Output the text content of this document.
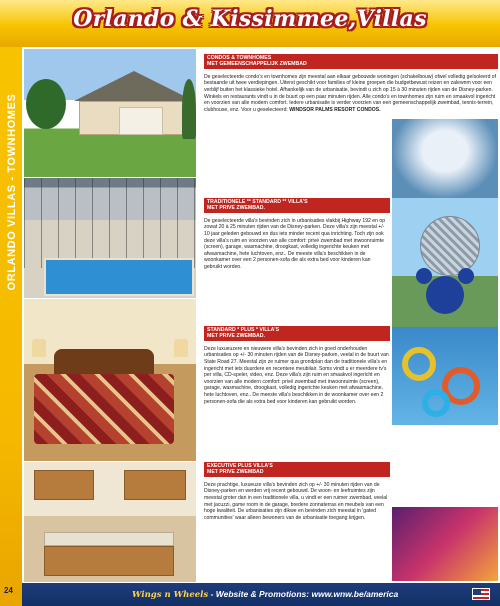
Orlando & Kissimmee,Villas
ORLANDO VILLAS - TOWNHOMES
24
CONDOS & TOWNHOMES
MET GEMEENSCHAPPELIJK ZWEMBAD
De geselecteerde condo's en townhomes zijn meestal aan elkaar gebouwde woningen (schakelbouw) ofwel volledig geïsoleerd of bestaande uit twee verdiepingen. Uiterst geschikt voor families of kleine groepen die budgetbewust reizen en zalewnm voor een verblijf buiten het klassieke hotel. Afhankelijk van de urbanisatie, bevindt u zich op 15 à 30 minuten rijden van de Disney-parken. Winkels en restaurants vindt u in de buurt op een paar minuten rijden. Alle condo's en townhomes zijn ruim en smaakvol ingericht en voorzien van alle modern comfort. Iedere urbanisatie is verder voorzien van een gemeenschappelijk zwembad, tennis-terrein, clubhouse, enz. Voor u geselecteerd: WINDSOR PALMS RESORT CONDOS.
TRADITIONELE ** STANDARD ** VILLA'S
MET PRIVE ZWEMBAD.
De geselecteerde villa's bevinden zich in urbanisaties vlakbij Highway 192 en op zowat 20 à 25 minuten rijden van de Disney-parken. Deze villa's zijn meestal +/- 10 jaar geleden gebouwd en dus iets minder recent qua inrichting. Toch zijn ook deze villa's ruim en voorzien van alle comfort: privé zwembad met inwoonruimte (screen), garage, wasmachine, droogkast, volledig ingerichte keuken met afwasmachine, hete luchtoven, enz.. De meeste villa's beschikken in de woonkamer over een 2 personen-sofa die als extra bed voor kinderen kan gebruikt worden.
STANDARD * PLUS * VILLA'S
MET PRIVE ZWEMBAD.
Deze luxueuzere en nieuwere villa's bevinden zich in goed onderhouden urbanisaties op +/- 30 minuten rijden van de Disney-parken, veelal in de buurt van State Road 27. Meestal zijn ze ruimer qua grondplan dan de traditionele villa's en ingericht met iets duurdere en recentere meubilair. Soms vindt u er meerdere tv's per villa, CD-speler, video, enz. Deze villa's zijn ruim en smaakvol ingericht en voorzien van alle modern comfort: privé zwembad met inwoonruimte (screen), garage, wasmachine, droogkast, volledig ingerichte keuken met afwasmachine, hete luchtoven, enz.. De meeste villa's beschikken in de woonkamer over een 2 personen-sofa die als extra bed voor kinderen kan gebruikt worden.
EXECUTIVE PLUS VILLA'S
MET PRIVE ZWEMBAD
Deze prachtige, luxueuze villa's bevinden zich op +/- 30 minuten rijden van de Disney-parken en werden vrij recent gebouwd. De woon- en leefruimtes zijn meestal groter dan in een traditionele villa, u vindt er een ruimer zwembad, veelal met jacuzzi, game room in de garage, bredere zonnaterras en meubels van een hoge kwaliteit. De urbanisaties zijn dikwe en bevinden zich meestal in 'gated communities' waar alleen bewoners van de urbanisatie toegang krijgen.
Wings n Wheels - Website & Promotions: www.wnw.be/america
